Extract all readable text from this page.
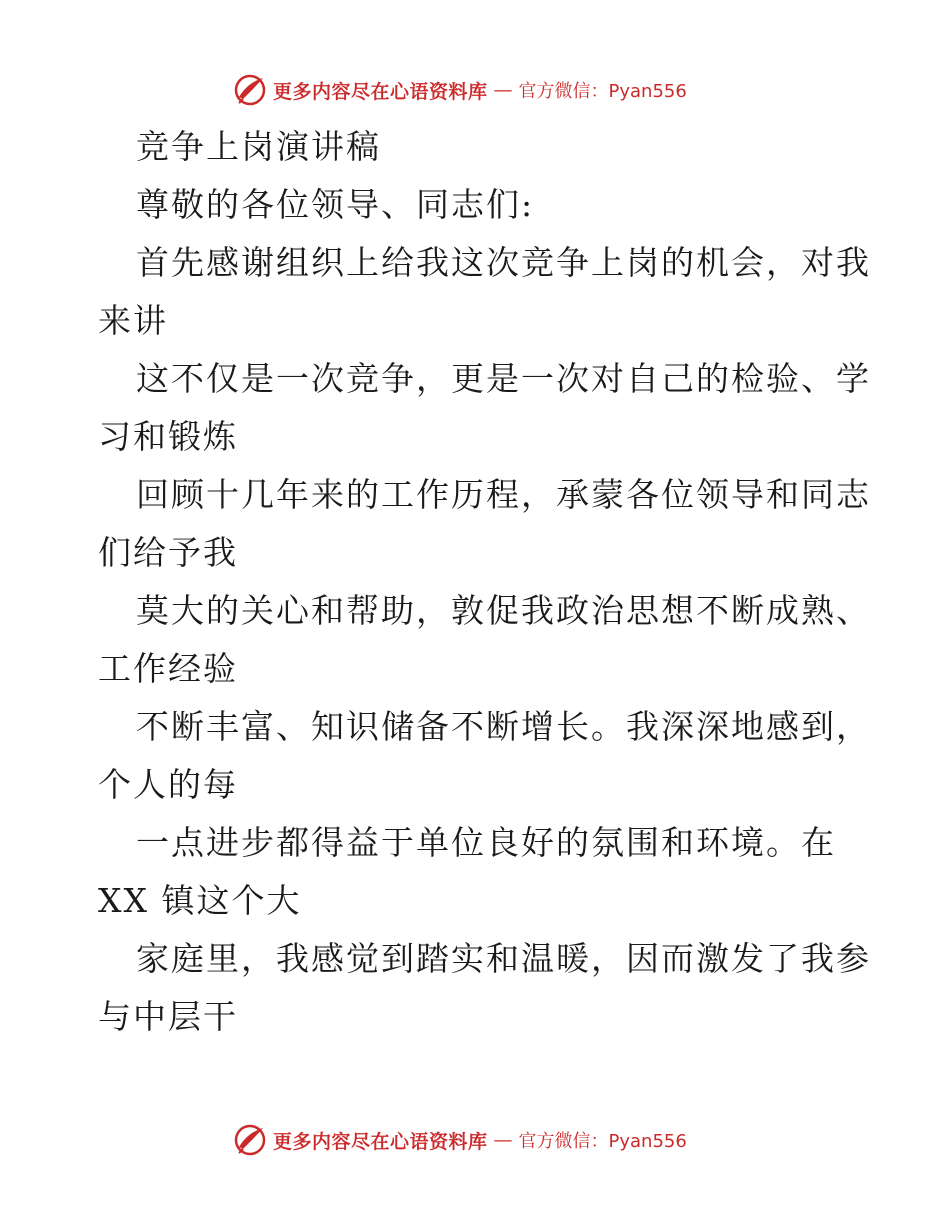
更多内容尽在心语资料库 — 官方微信：Pyan556
竞争上岗演讲稿
尊敬的各位领导、同志们:
首先感谢组织上给我这次竞争上岗的机会，对我
来讲
这不仅是一次竞争，更是一次对自己的检验、学
习和锻炼
回顾十几年来的工作历程，承蒙各位领导和同志
们给予我
莫大的关心和帮助，敦促我政治思想不断成熟、
工作经验
不断丰富、知识储备不断增长。我深深地感到，
个人的每
一点进步都得益于单位良好的氛围和环境。在
XX 镇这个大
家庭里，我感觉到踏实和温暖，因而激发了我参
与中层干
更多内容尽在心语资料库 — 官方微信：Pyan556
